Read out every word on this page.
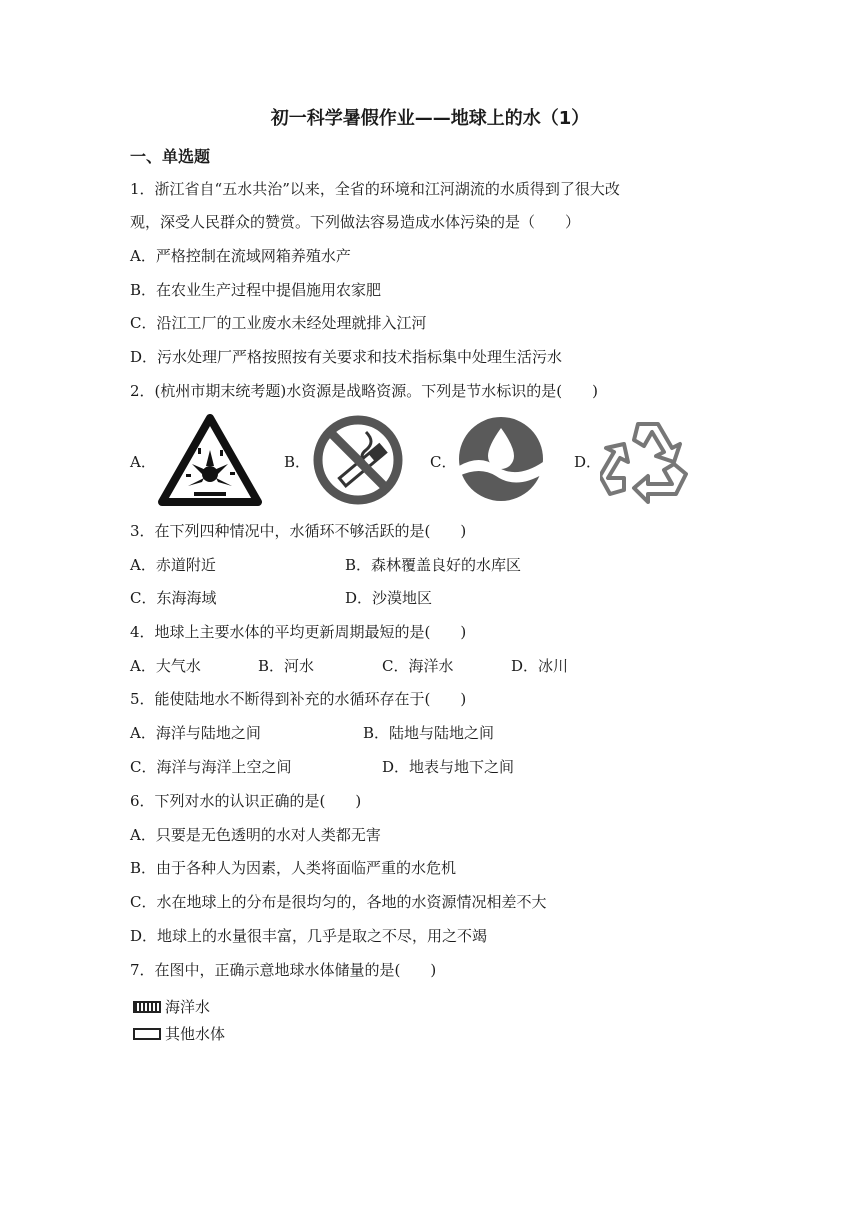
初一科学暑假作业——地球上的水（1）
一、单选题
1．浙江省自“五水共治”以来，全省的环境和江河湖流的水质得到了很大改
观，深受人民群众的赞赏。下列做法容易造成水体污染的是（　　）
A．严格控制在流域网箱养殖水产
B．在农业生产过程中提倡施用农家肥
C．沿江工厂的工业废水未经处理就排入江河
D．污水处理厂严格按照按有关要求和技术指标集中处理生活污水
2．(杭州市期末统考题)水资源是战略资源。下列是节水标识的是(　　)
A．	B．	C．	D．
3．在下列四种情况中，水循环不够活跃的是(　　)
A．赤道附近	B．森林覆盖良好的水库区
C．东海海域	D．沙漠地区
4．地球上主要水体的平均更新周期最短的是(　　)
A．大气水	B．河水	C．海洋水	D．冰川
5．能使陆地水不断得到补充的水循环存在于(　　)
A．海洋与陆地之间	B．陆地与陆地之间
C．海洋与海洋上空之间	D．地表与地下之间
6．下列对水的认识正确的是(　　)
A．只要是无色透明的水对人类都无害
B．由于各种人为因素，人类将面临严重的水危机
C．水在地球上的分布是很均匀的，各地的水资源情况相差不大
D．地球上的水量很丰富，几乎是取之不尽，用之不竭
7．在图中，正确示意地球水体储量的是(　　)
海洋水
其他水体
